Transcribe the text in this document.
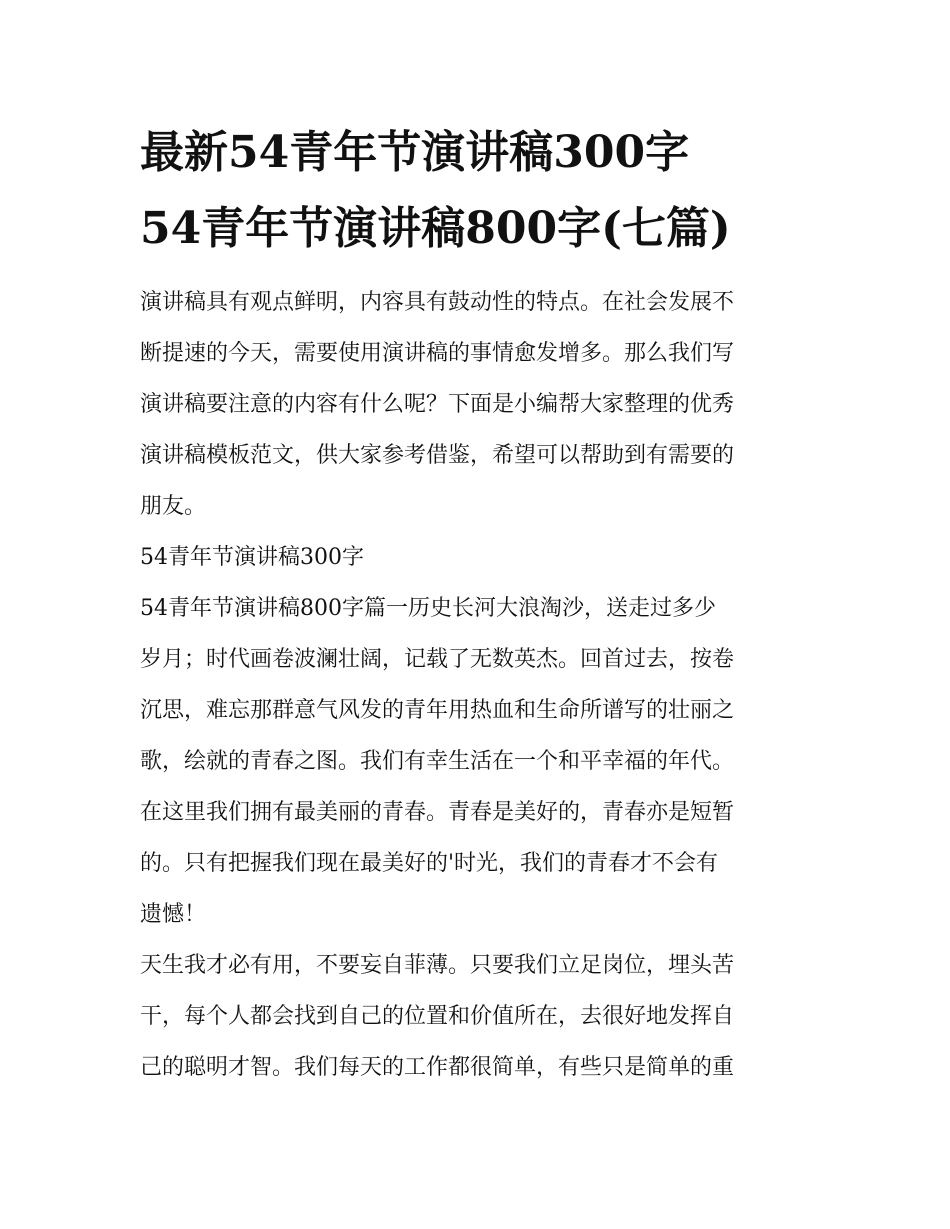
最新54青年节演讲稿300字
54青年节演讲稿800字(七篇)

演讲稿具有观点鲜明，内容具有鼓动性的特点。在社会发展不
断提速的今天，需要使用演讲稿的事情愈发增多。那么我们写
演讲稿要注意的内容有什么呢？下面是小编帮大家整理的优秀
演讲稿模板范文，供大家参考借鉴，希望可以帮助到有需要的
朋友。

54青年节演讲稿300字

54青年节演讲稿800字篇一历史长河大浪淘沙，送走过多少
岁月；时代画卷波澜壮阔，记载了无数英杰。回首过去，按卷
沉思，难忘那群意气风发的青年用热血和生命所谱写的壮丽之
歌，绘就的青春之图。我们有幸生活在一个和平幸福的年代。
在这里我们拥有最美丽的青春。青春是美好的，青春亦是短暂
的。只有把握我们现在最美好的'时光，我们的青春才不会有
遗憾！

天生我才必有用，不要妄自菲薄。只要我们立足岗位，埋头苦
干，每个人都会找到自己的位置和价值所在，去很好地发挥自
己的聪明才智。我们每天的工作都很简单，有些只是简单的重
